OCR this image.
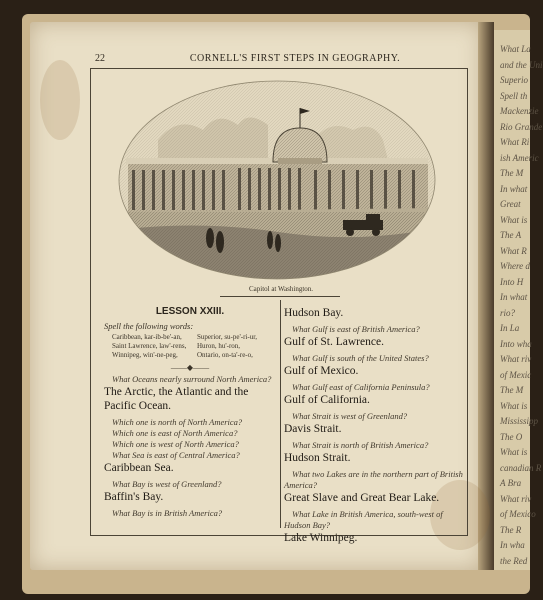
What La
and the Uni
Superio
Spell th
Mackenzie
Rio Grande
What Ri
ish Americ
The M
In what
Great
What is
The A
What R
Where d
Into H
In what
rio?
In La
Into wha
What riv
of Mexic
The M
What is
Mississipp
The O
What is
canadian R
A Bra
What riv
of Mexico
The R
In wha
the Red
22	CORNELL'S FIRST STEPS IN GEOGRAPHY.
Capitol at Washington.
LESSON XXIII.
Spell the following words:
Caribbean, kar-ib-be'-an,	Superior, su-pe'-ri-ur,
Saint Lawrence, law'-rens,	Huron, hu'-ron,
Winnipeg, win'-ne-peg,	Ontario, on-ta'-re-o,
——◆——
What Oceans nearly surround North America?
The Arctic, the Atlantic and the Pacific Ocean.
Which one is north of North America?
Which one is east of North America?
Which one is west of North America?
What Sea is east of Central America?
Caribbean Sea.
What Bay is west of Greenland?
Baffin's Bay.
What Bay is in British America?
Hudson Bay.
What Gulf is east of British America?
Gulf of St. Lawrence.
What Gulf is south of the United States?
Gulf of Mexico.
What Gulf east of California Peninsula?
Gulf of California.
What Strait is west of Greenland?
Davis Strait.
What Strait is north of British America?
Hudson Strait.
What two Lakes are in the northern part of British America?
Great Slave and Great Bear Lake.
What Lake in British America, south-west of Hudson Bay?
Lake Winnipeg.
